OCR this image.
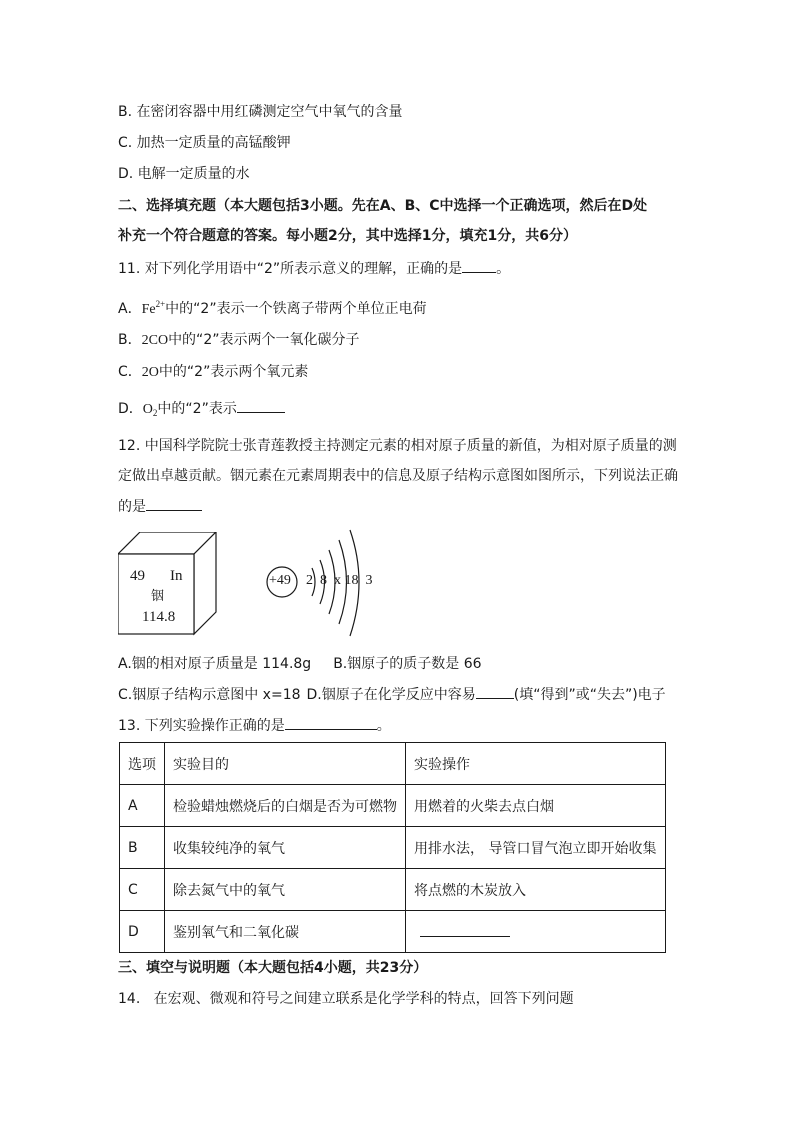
B. 在密闭容器中用红磷测定空气中氧气的含量
C. 加热一定质量的高锰酸钾
D. 电解一定质量的水
二、选择填充题（本大题包括3小题。先在A、B、C中选择一个正确选项，然后在D处
补充一个符合题意的答案。每小题2分，其中选择1分，填充1分，共6分）
11. 对下列化学用语中“2”所表示意义的理解，正确的是 。
A．$Fe^{2+}$中的“2”表示一个铁离子带两个单位正电荷
B．2CO中的“2”表示两个一氧化碳分子
C．2O中的“2”表示两个氧元素
D．$O_2$中的“2”表示
12. 中国科学院院士张青莲教授主持测定元素的相对原子质量的新值，为相对原子质量的测
定做出卓越贡献。铟元素在元素周期表中的信息及原子结构示意图如图所示，下列说法正确
的是
49 In
铟
114.8
+49 2  8  x 18  3
A.铟的相对原子质量是 114.8g B.铟原子的质子数是 66
C.铟原子结构示意图中 x=18 D.铟原子在化学反应中容易	(填“得到”或“失去”)电子
13. 下列实验操作正确的是	。
选项	实验目的	实验操作
A	检验蜡烛燃烧后的白烟是否为可燃物	用燃着的火柴去点白烟
B	收集较纯净的氧气	用排水法， 导管口冒气泡立即开始收集
C	除去氮气中的氧气	将点燃的木炭放入
D	鉴别氧气和二氧化碳	
三、填空与说明题（本大题包括4小题，共23分）
14.   在宏观、微观和符号之间建立联系是化学学科的特点，回答下列问题
